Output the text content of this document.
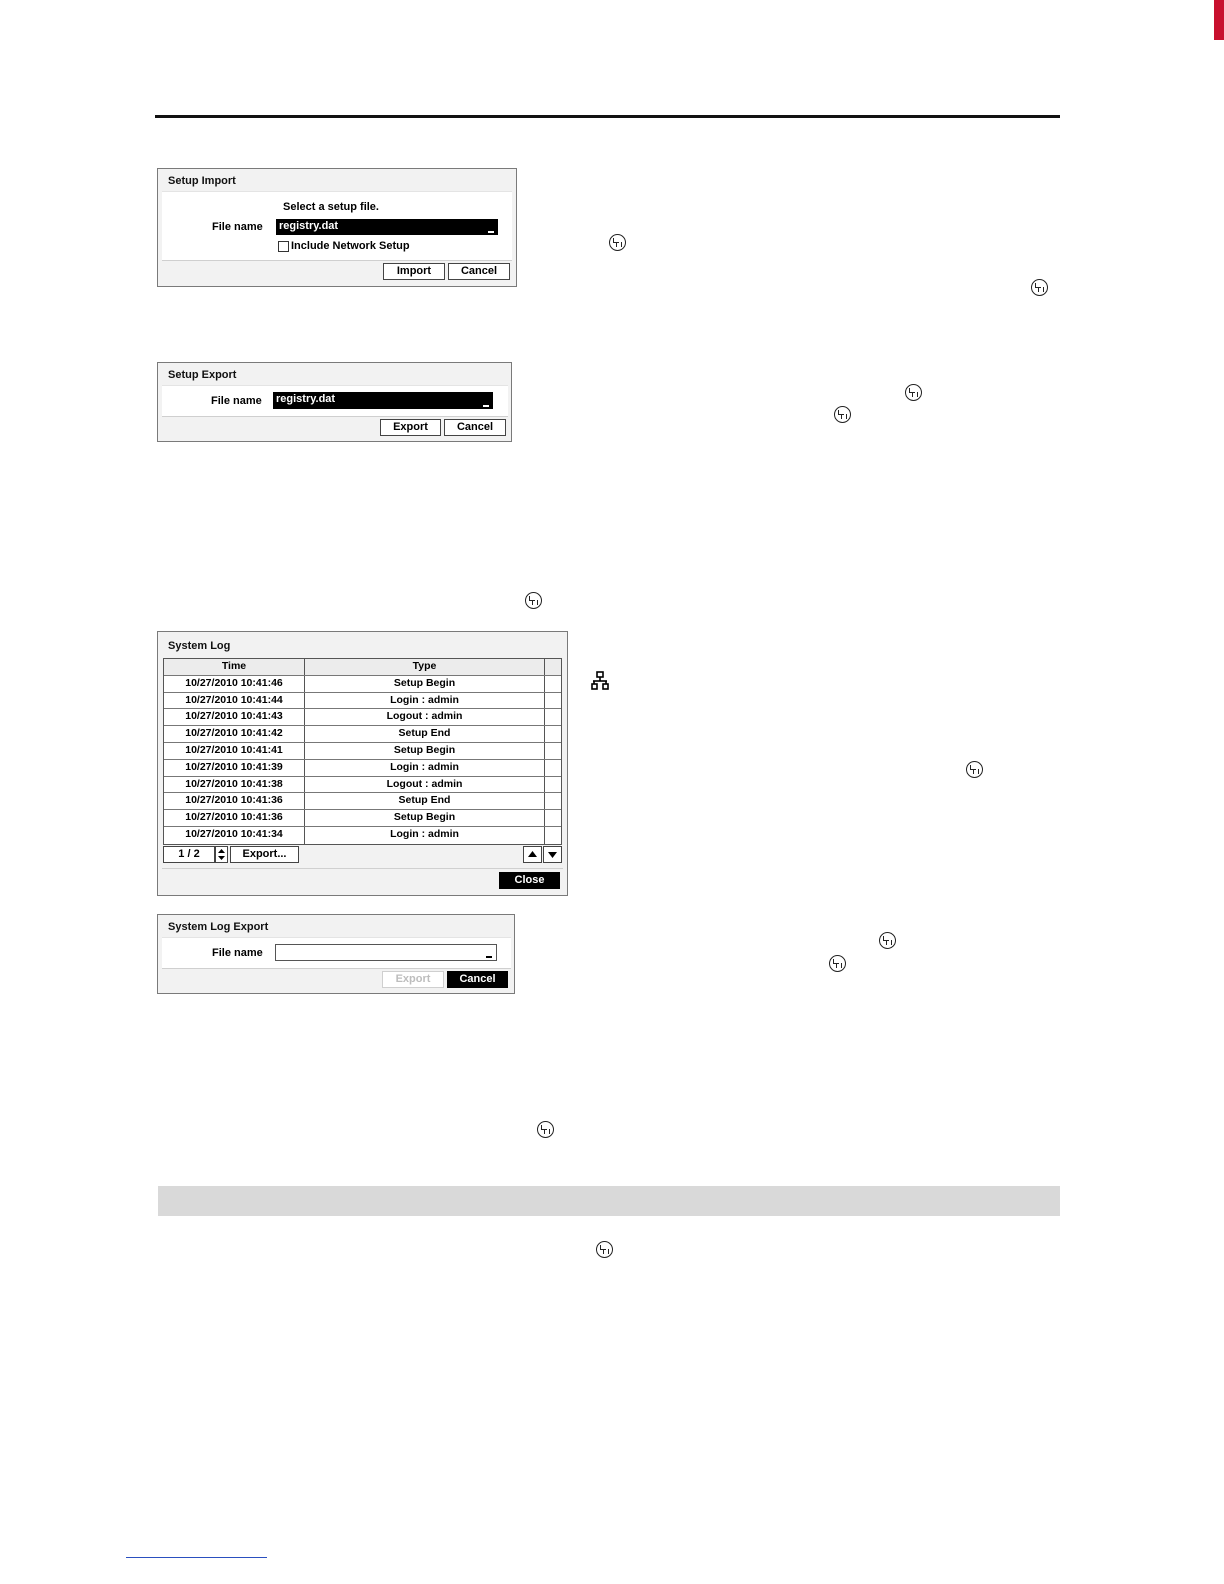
Setup Import
Select a setup file.
File name registry.dat
Include Network Setup
Import	Cancel
Setup Export
File name registry.dat
Export	Cancel
System Log
Time	Type
10/27/2010 10:41:46	Setup Begin
10/27/2010 10:41:44	Login : admin
10/27/2010 10:41:43	Logout : admin
10/27/2010 10:41:42	Setup End
10/27/2010 10:41:41	Setup Begin
10/27/2010 10:41:39	Login : admin
10/27/2010 10:41:38	Logout : admin
10/27/2010 10:41:36	Setup End
10/27/2010 10:41:36	Setup Begin
10/27/2010 10:41:34	Login : admin
1 / 2	Export...
Close
System Log Export
File name
Export	Cancel
